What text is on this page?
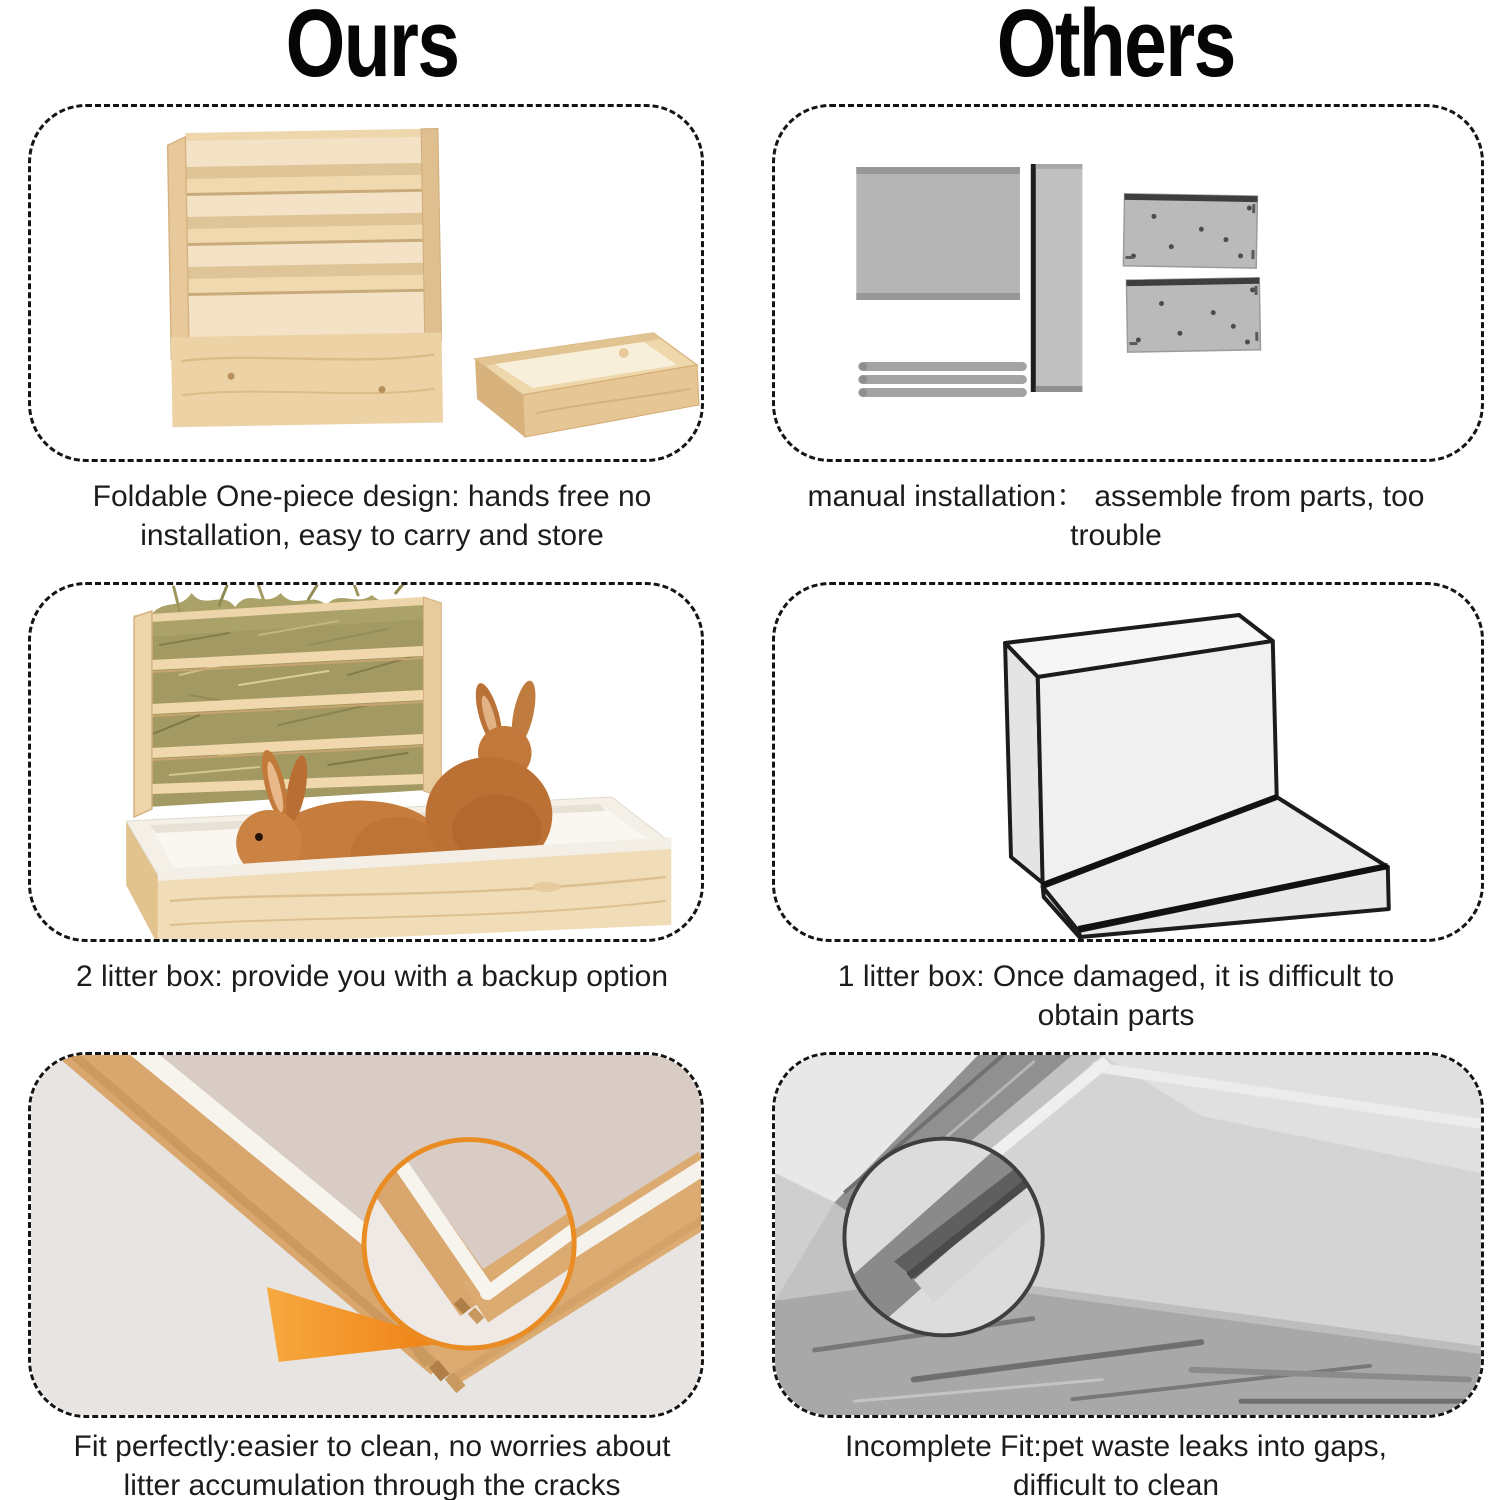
Ours	Others
Foldable One-piece design: hands free no installation, easy to carry and store
manual installation： assemble from parts, too trouble
2 litter box: provide you with a backup option	1 litter box: Once damaged, it is difficult to obtain parts
Fit perfectly:easier to clean, no worries about litter accumulation through the cracks
Incomplete Fit:pet waste leaks into gaps, difficult to clean
